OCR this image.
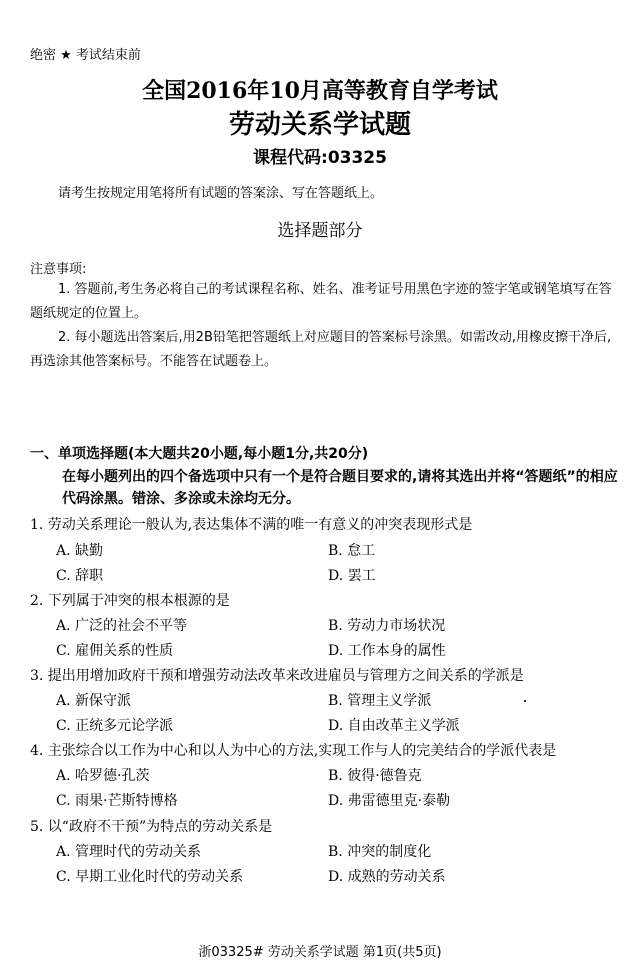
绝密 ★ 考试结束前
全国2016年10月高等教育自学考试
劳动关系学试题
课程代码:03325
请考生按规定用笔将所有试题的答案涂、写在答题纸上。
选择题部分
注意事项:
1. 答题前,考生务必将自己的考试课程名称、姓名、准考证号用黑色字迹的签字笔或钢笔填写在答题纸规定的位置上。
2. 每小题选出答案后,用2B铅笔把答题纸上对应题目的答案标号涂黑。如需改动,用橡皮擦干净后,再选涂其他答案标号。不能答在试题卷上。
一、单项选择题(本大题共20小题,每小题1分,共20分)
在每小题列出的四个备选项中只有一个是符合题目要求的,请将其选出并将“答题纸”的相应代码涂黑。错涂、多涂或未涂均无分。
1. 劳动关系理论一般认为,表达集体不满的唯一有意义的冲突表现形式是
A. 缺勤	B. 怠工
C. 辞职	D. 罢工
2. 下列属于冲突的根本根源的是
A. 广泛的社会不平等	B. 劳动力市场状况
C. 雇佣关系的性质	D. 工作本身的属性
3. 提出用增加政府干预和增强劳动法改革来改进雇员与管理方之间关系的学派是
A. 新保守派	B. 管理主义学派
C. 正统多元论学派	D. 自由改革主义学派
4. 主张综合以工作为中心和以人为中心的方法,实现工作与人的完美结合的学派代表是
A. 哈罗德·孔茨	B. 彼得·德鲁克
C. 雨果·芒斯特博格	D. 弗雷德里克·泰勒
5. 以“政府不干预”为特点的劳动关系是
A. 管理时代的劳动关系	B. 冲突的制度化
C. 早期工业化时代的劳动关系	D. 成熟的劳动关系
浙03325# 劳动关系学试题 第1页(共5页)
